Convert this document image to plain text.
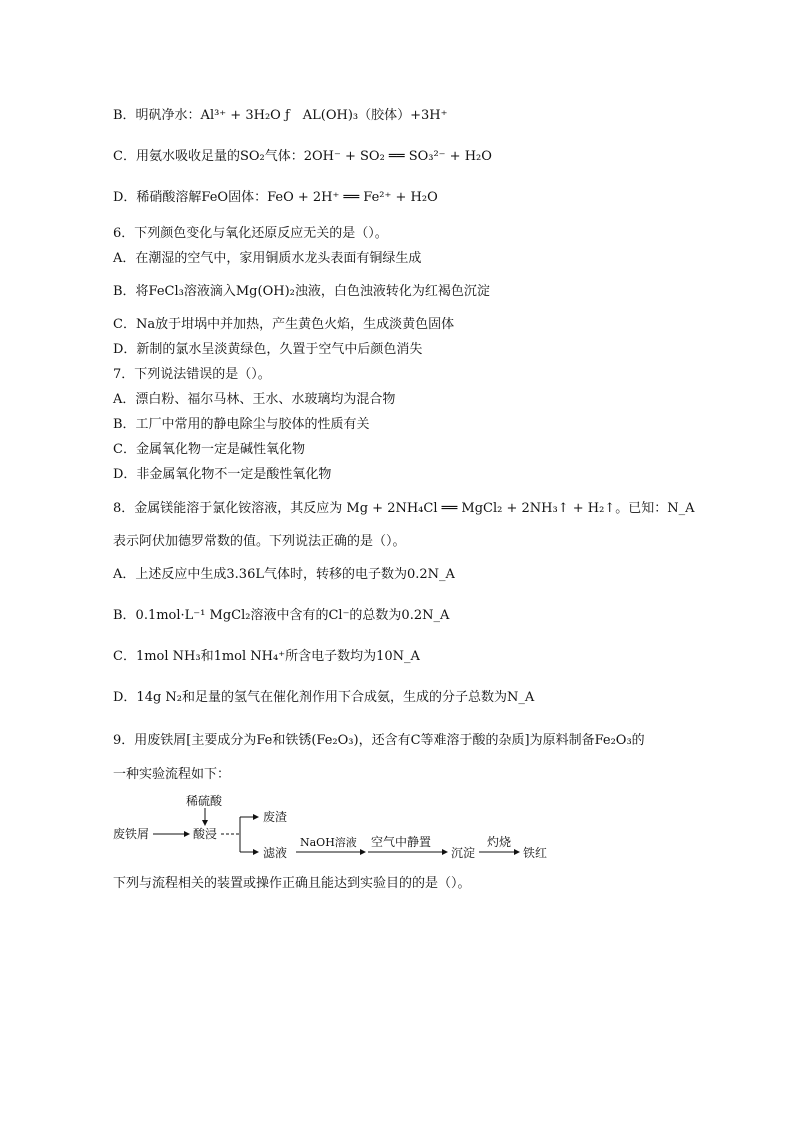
B．明矾净水：Al³⁺ + 3H₂O ƒ　AL(OH)₃（胶体）+3H⁺
C．用氨水吸收足量的SO₂气体：2OH⁻ + SO₂ ══ SO₃²⁻ + H₂O
D．稀硝酸溶解FeO固体：FeO + 2H⁺ ══ Fe²⁺ + H₂O
6．下列颜色变化与氧化还原反应无关的是（）。
A．在潮湿的空气中，家用铜质水龙头表面有铜绿生成
B．将FeCl₃溶液滴入Mg(OH)₂浊液，白色浊液转化为红褐色沉淀
C．Na放于坩埚中并加热，产生黄色火焰，生成淡黄色固体
D．新制的氯水呈淡黄绿色，久置于空气中后颜色消失
7．下列说法错误的是（）。
A．漂白粉、福尔马林、王水、水玻璃均为混合物
B．工厂中常用的静电除尘与胶体的性质有关
C．金属氧化物一定是碱性氧化物
D．非金属氧化物不一定是酸性氧化物
8．金属镁能溶于氯化铵溶液，其反应为 Mg + 2NH₄Cl ══ MgCl₂ + 2NH₃↑ + H₂↑。已知：N_A
表示阿伏加德罗常数的值。下列说法正确的是（）。
A．上述反应中生成3.36L气体时，转移的电子数为0.2N_A
B．0.1mol·L⁻¹ MgCl₂溶液中含有的Cl⁻的总数为0.2N_A
C．1mol NH₃和1mol NH₄⁺所含电子数均为10N_A
D．14g N₂和足量的氢气在催化剂作用下合成氨，生成的分子总数为N_A
9．用废铁屑[主要成分为Fe和铁锈(Fe₂O₃)，还含有C等难溶于酸的杂质]为原料制备Fe₂O₃的
一种实验流程如下：
稀硫酸
废铁屑	酸浸
废渣
滤液
NaOH溶液 空气中静置
沉淀
灼烧
铁红
下列与流程相关的装置或操作正确且能达到实验目的的是（）。
